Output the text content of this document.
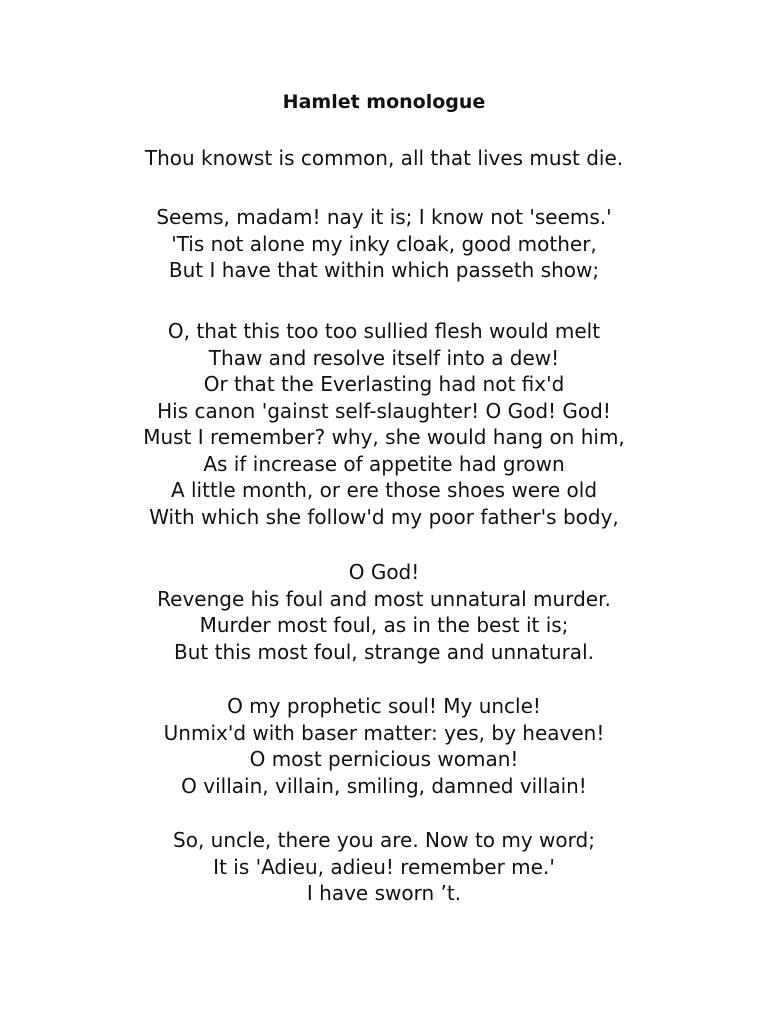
Hamlet monologue
Thou knowst is common, all that lives must die.
Seems, madam! nay it is; I know not 'seems.'
'Tis not alone my inky cloak, good mother,
But I have that within which passeth show;
O, that this too too sullied flesh would melt
Thaw and resolve itself into a dew!
Or that the Everlasting had not fix'd
His canon 'gainst self-slaughter! O God! God!
Must I remember? why, she would hang on him,
As if increase of appetite had grown
A little month, or ere those shoes were old
With which she follow'd my poor father's body,
O God!
Revenge his foul and most unnatural murder.
Murder most foul, as in the best it is;
But this most foul, strange and unnatural.
O my prophetic soul! My uncle!
Unmix'd with baser matter: yes, by heaven!
O most pernicious woman!
O villain, villain, smiling, damned villain!
So, uncle, there you are. Now to my word;
It is 'Adieu, adieu! remember me.'
I have sworn ’t.
